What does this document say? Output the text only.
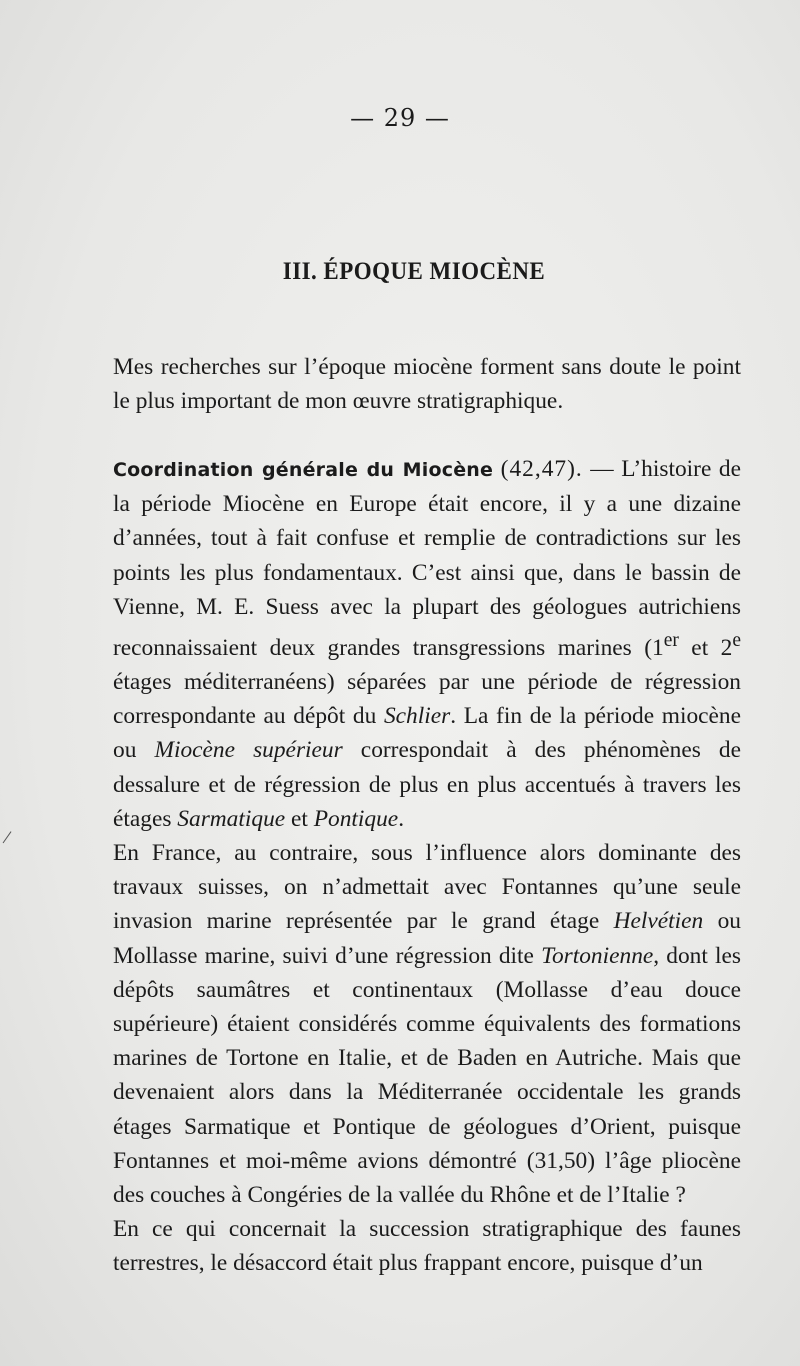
— 29 —
III. ÉPOQUE MIOCÈNE

Mes recherches sur l’époque miocène forment sans doute le point le plus important de mon œuvre stratigraphique.

Coordination générale du Miocène (42,47). — L’histoire de la période Miocène en Europe était encore, il y a une dizaine d’années, tout à fait confuse et remplie de contradictions sur les points les plus fondamentaux. C’est ainsi que, dans le bassin de Vienne, M. E. Suess avec la plupart des géologues autrichiens reconnaissaient deux grandes transgressions marines (1er et 2e étages méditerranéens) séparées par une période de régression correspondante au dépôt du Schlier. La fin de la période miocène ou Miocène supérieur correspondait à des phénomènes de dessalure et de régression de plus en plus accentués à travers les étages Sarmatique et Pontique.

En France, au contraire, sous l’influence alors dominante des travaux suisses, on n’admettait avec Fontannes qu’une seule invasion marine représentée par le grand étage Helvétien ou Mollasse marine, suivi d’une régression dite Tortonienne, dont les dépôts saumâtres et continentaux (Mollasse d’eau douce supérieure) étaient considérés comme équivalents des formations marines de Tortone en Italie, et de Baden en Autriche. Mais que devenaient alors dans la Méditerranée occidentale les grands étages Sarmatique et Pontique de géologues d’Orient, puisque Fontannes et moi-même avions démontré (31,50) l’âge pliocène des couches à Congéries de la vallée du Rhône et de l’Italie ?

En ce qui concernait la succession stratigraphique des faunes terrestres, le désaccord était plus frappant encore, puisque d’un
